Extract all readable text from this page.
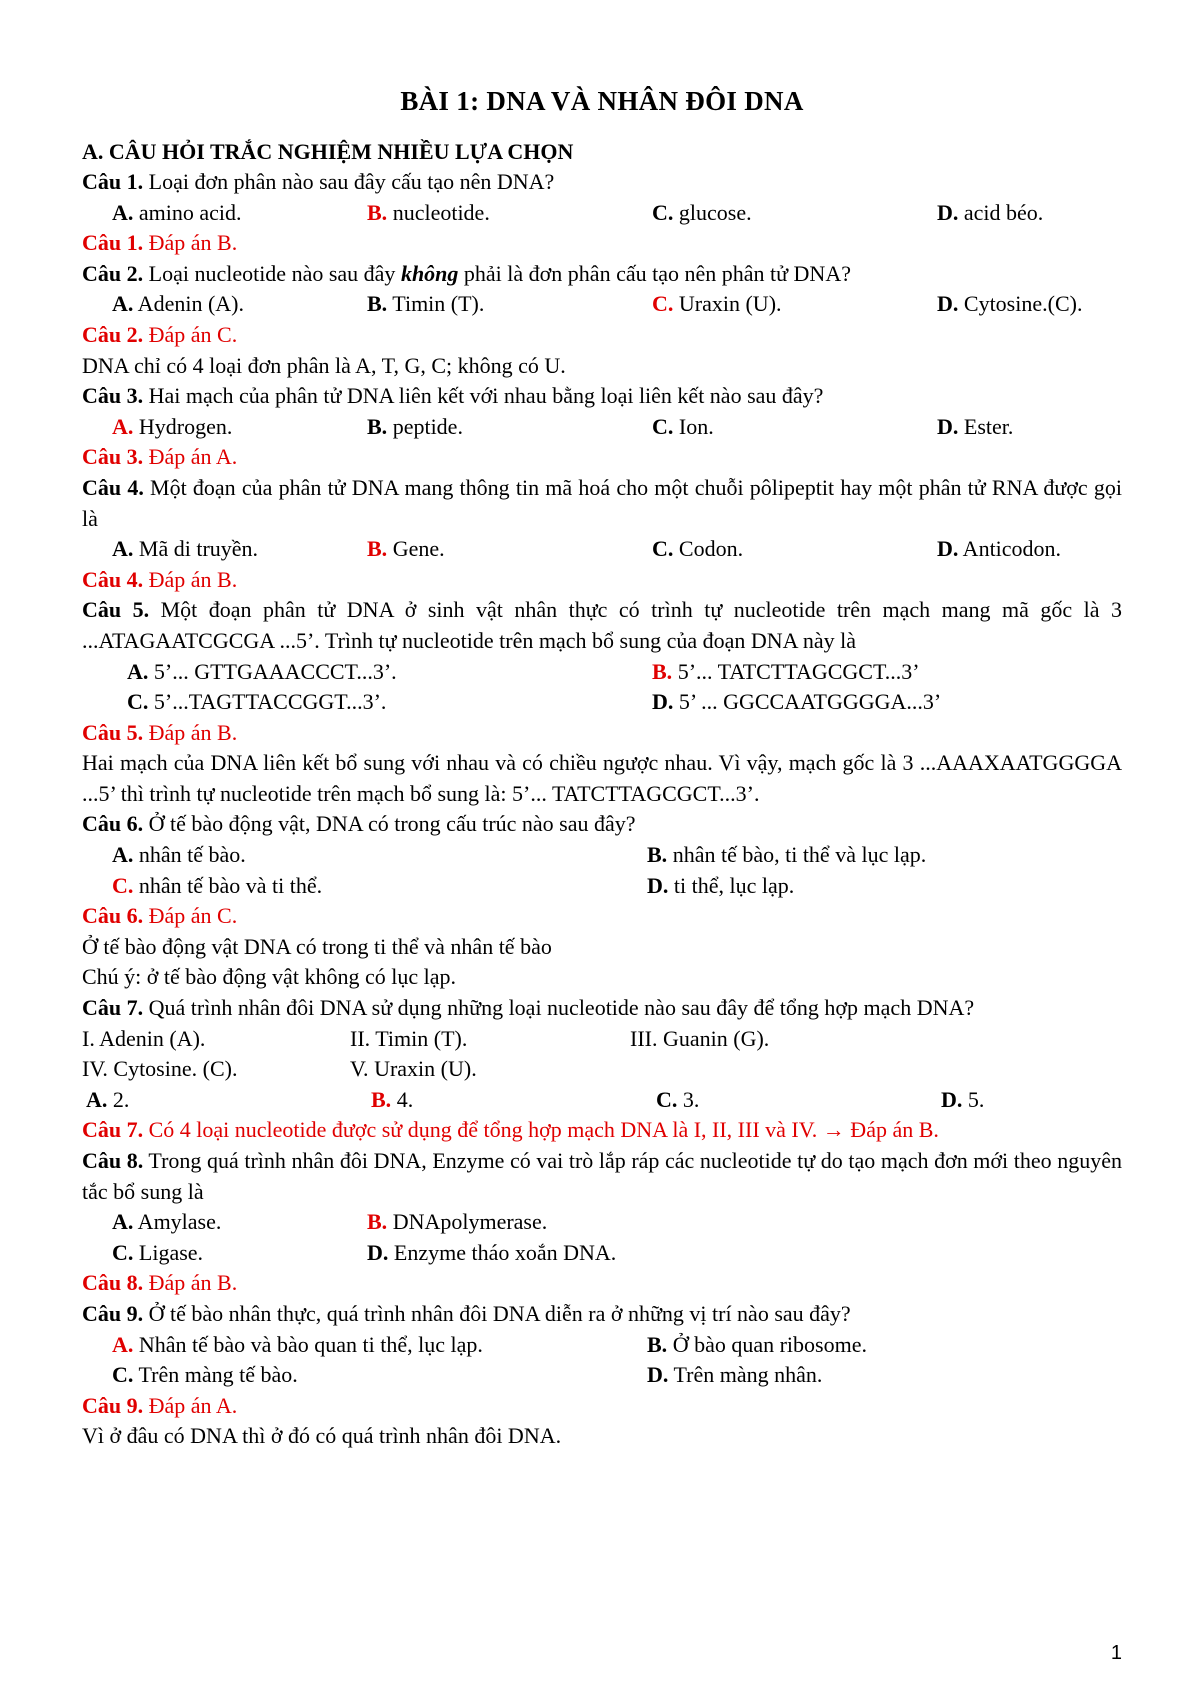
BÀI 1: DNA VÀ NHÂN ĐÔI DNA
A. CÂU HỎI TRẮC NGHIỆM NHIỀU LỰA CHỌN
Câu 1. Loại đơn phân nào sau đây cấu tạo nên DNA?
A. amino acid.	B. nucleotide.	C. glucose.	D. acid béo.
Câu 1. Đáp án B.
Câu 2. Loại nucleotide nào sau đây không phải là đơn phân cấu tạo nên phân tử DNA?
A. Adenin (A).	B. Timin (T).	C. Uraxin (U).	D. Cytosine.(C).
Câu 2. Đáp án C.
DNA chỉ có 4 loại đơn phân là A, T, G, C; không có U.
Câu 3. Hai mạch của phân tử DNA liên kết với nhau bằng loại liên kết nào sau đây?
A. Hydrogen.	B. peptide.	C. Ion.	D. Ester.
Câu 3. Đáp án A.
Câu 4. Một đoạn của phân tử DNA mang thông tin mã hoá cho một chuỗi pôlipeptit hay một phân tử RNA được gọi là
A. Mã di truyền.	B. Gene.	C. Codon.	D. Anticodon.
Câu 4. Đáp án B.
Câu 5. Một đoạn phân tử DNA ở sinh vật nhân thực có trình tự nucleotide trên mạch mang mã gốc là 3 ...ATAGAATCGCGA ...5’. Trình tự nucleotide trên mạch bổ sung của đoạn DNA này là
A. 5’... GTTGAAACCCT...3’.	B. 5’... TATCTTAGCGCT...3’
C. 5’...TAGTTACCGGT...3’.	D. 5’ ... GGCCAATGGGGA...3’
Câu 5. Đáp án B.
Hai mạch của DNA liên kết bổ sung với nhau và có chiều ngược nhau. Vì vậy, mạch gốc là 3 ...AAAXAATGGGGA ...5’ thì trình tự nucleotide trên mạch bổ sung là: 5’... TATCTTAGCGCT...3’.
Câu 6. Ở tế bào động vật, DNA có trong cấu trúc nào sau đây?
A. nhân tế bào.	B. nhân tế bào, ti thể và lục lạp.
C. nhân tế bào và ti thể.	D. ti thể, lục lạp.
Câu 6. Đáp án C.
Ở tế bào động vật DNA có trong ti thể và nhân tế bào
Chú ý: ở tế bào động vật không có lục lạp.
Câu 7. Quá trình nhân đôi DNA sử dụng những loại nucleotide nào sau đây để tổng hợp mạch DNA?
I. Adenin (A).	II. Timin (T).	III. Guanin (G).
IV. Cytosine. (C).	V. Uraxin (U).
A. 2.	B. 4.	C. 3.	D. 5.
Câu 7. Có 4 loại nucleotide được sử dụng để tổng hợp mạch DNA là I, II, III và IV. → Đáp án B.
Câu 8. Trong quá trình nhân đôi DNA, Enzyme có vai trò lắp ráp các nucleotide tự do tạo mạch đơn mới theo nguyên tắc bổ sung là
A. Amylase.	B. DNApolymerase.
C. Ligase.	D. Enzyme tháo xoắn DNA.
Câu 8. Đáp án B.
Câu 9. Ở tế bào nhân thực, quá trình nhân đôi DNA diễn ra ở những vị trí nào sau đây?
A. Nhân tế bào và bào quan ti thể, lục lạp.	B. Ở bào quan ribosome.
C. Trên màng tế bào.	D. Trên màng nhân.
Câu 9. Đáp án A.
Vì ở đâu có DNA thì ở đó có quá trình nhân đôi DNA.
1
